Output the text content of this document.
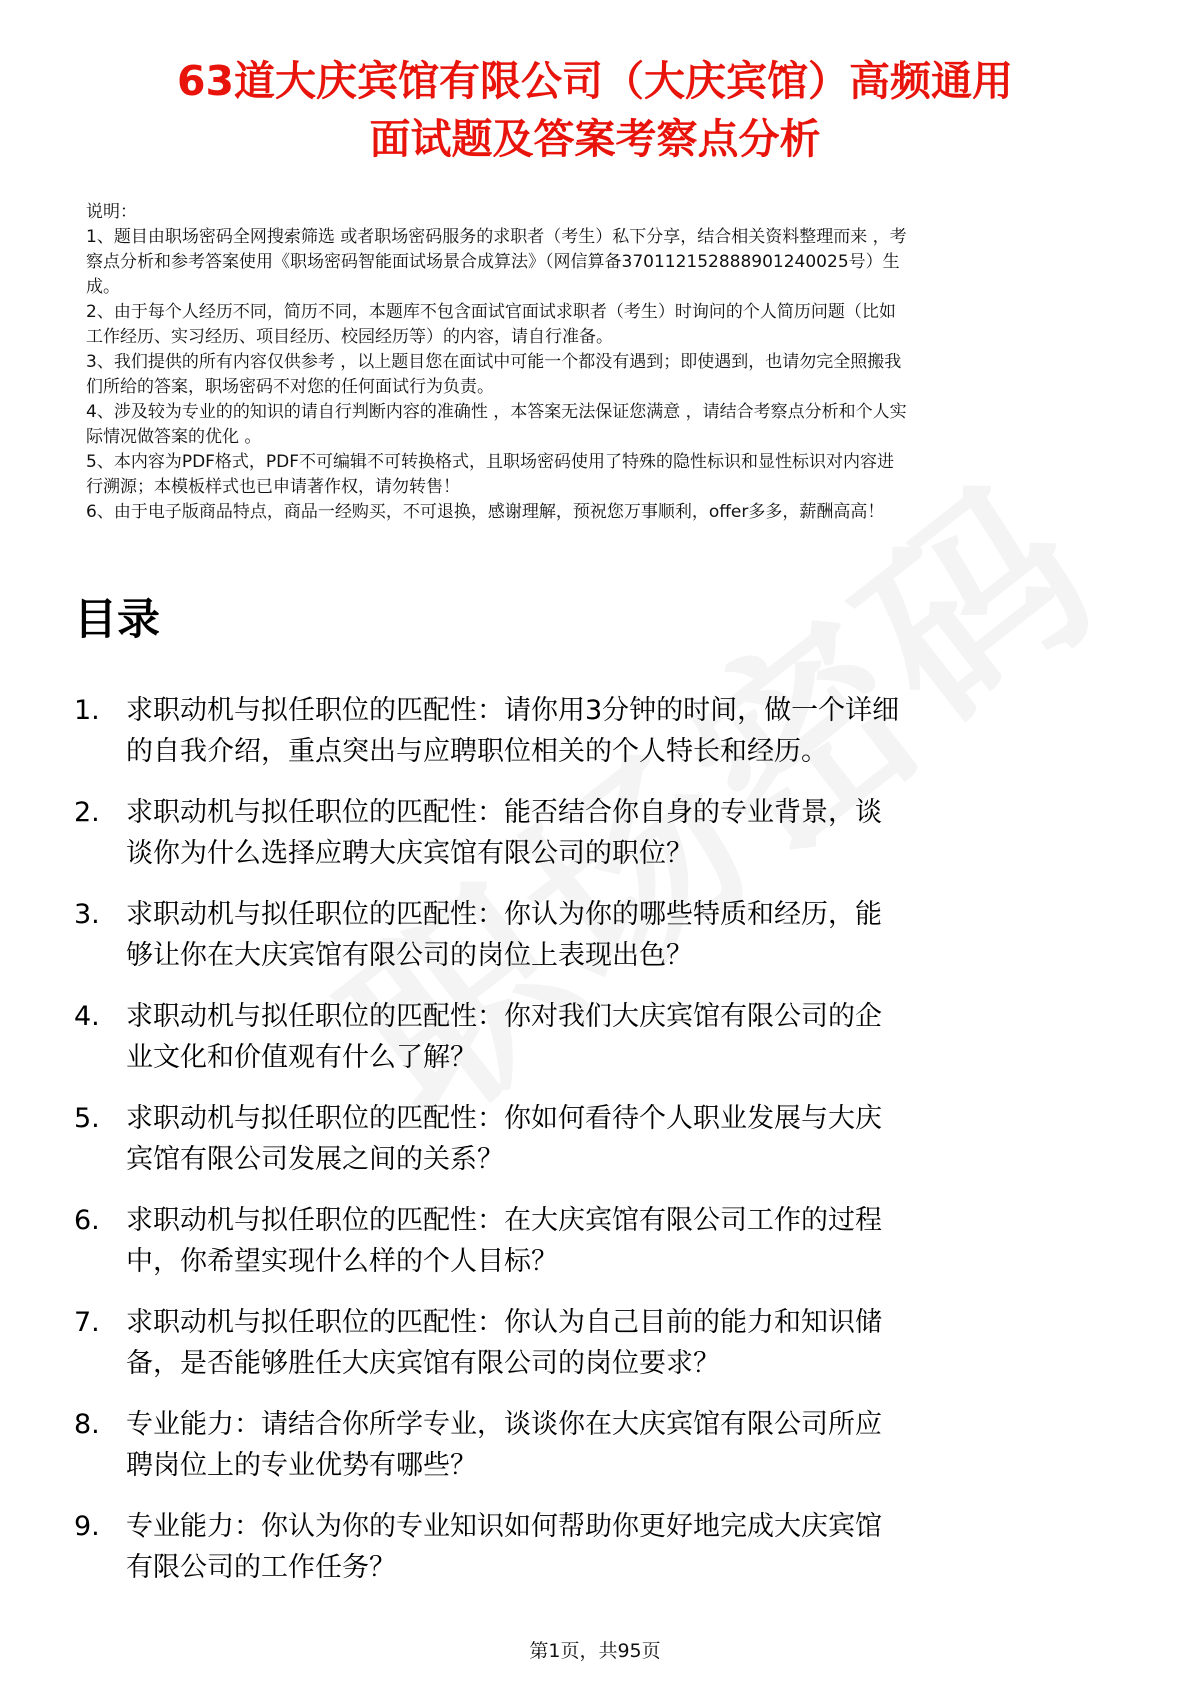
63道大庆宾馆有限公司（大庆宾馆）高频通用
面试题及答案考察点分析
说明：
1、题目由职场密码全网搜索筛选 或者职场密码服务的求职者（考生）私下分享，结合相关资料整理而来 ，考
察点分析和参考答案使用《职场密码智能面试场景合成算法》（网信算备370112152888901240025号）生
成。
2、由于每个人经历不同，简历不同，本题库不包含面试官面试求职者（考生）时询问的个人简历问题（比如
工作经历、实习经历、项目经历、校园经历等）的内容，请自行准备。
3、我们提供的所有内容仅供参考 ，以上题目您在面试中可能一个都没有遇到；即使遇到，也请勿完全照搬我
们所给的答案，职场密码不对您的任何面试行为负责。
4、涉及较为专业的的知识的请自行判断内容的准确性 ，本答案无法保证您满意 ，请结合考察点分析和个人实
际情况做答案的优化 。
5、本内容为PDF格式，PDF不可编辑不可转换格式，且职场密码使用了特殊的隐性标识和显性标识对内容进
行溯源；本模板样式也已申请著作权，请勿转售！
6、由于电子版商品特点，商品一经购买，不可退换，感谢理解，预祝您万事顺利，offer多多，薪酬高高！
目录
1. 求职动机与拟任职位的匹配性：请你用3分钟的时间，做一个详细
的自我介绍，重点突出与应聘职位相关的个人特长和经历。
2. 求职动机与拟任职位的匹配性：能否结合你自身的专业背景，谈
谈你为什么选择应聘大庆宾馆有限公司的职位？
3. 求职动机与拟任职位的匹配性：你认为你的哪些特质和经历，能
够让你在大庆宾馆有限公司的岗位上表现出色？
4. 求职动机与拟任职位的匹配性：你对我们大庆宾馆有限公司的企
业文化和价值观有什么了解？
5. 求职动机与拟任职位的匹配性：你如何看待个人职业发展与大庆
宾馆有限公司发展之间的关系？
6. 求职动机与拟任职位的匹配性：在大庆宾馆有限公司工作的过程
中，你希望实现什么样的个人目标？
7. 求职动机与拟任职位的匹配性：你认为自己目前的能力和知识储
备，是否能够胜任大庆宾馆有限公司的岗位要求？
8. 专业能力：请结合你所学专业，谈谈你在大庆宾馆有限公司所应
聘岗位上的专业优势有哪些？
9. 专业能力：你认为你的专业知识如何帮助你更好地完成大庆宾馆
有限公司的工作任务？
第1页，共95页
